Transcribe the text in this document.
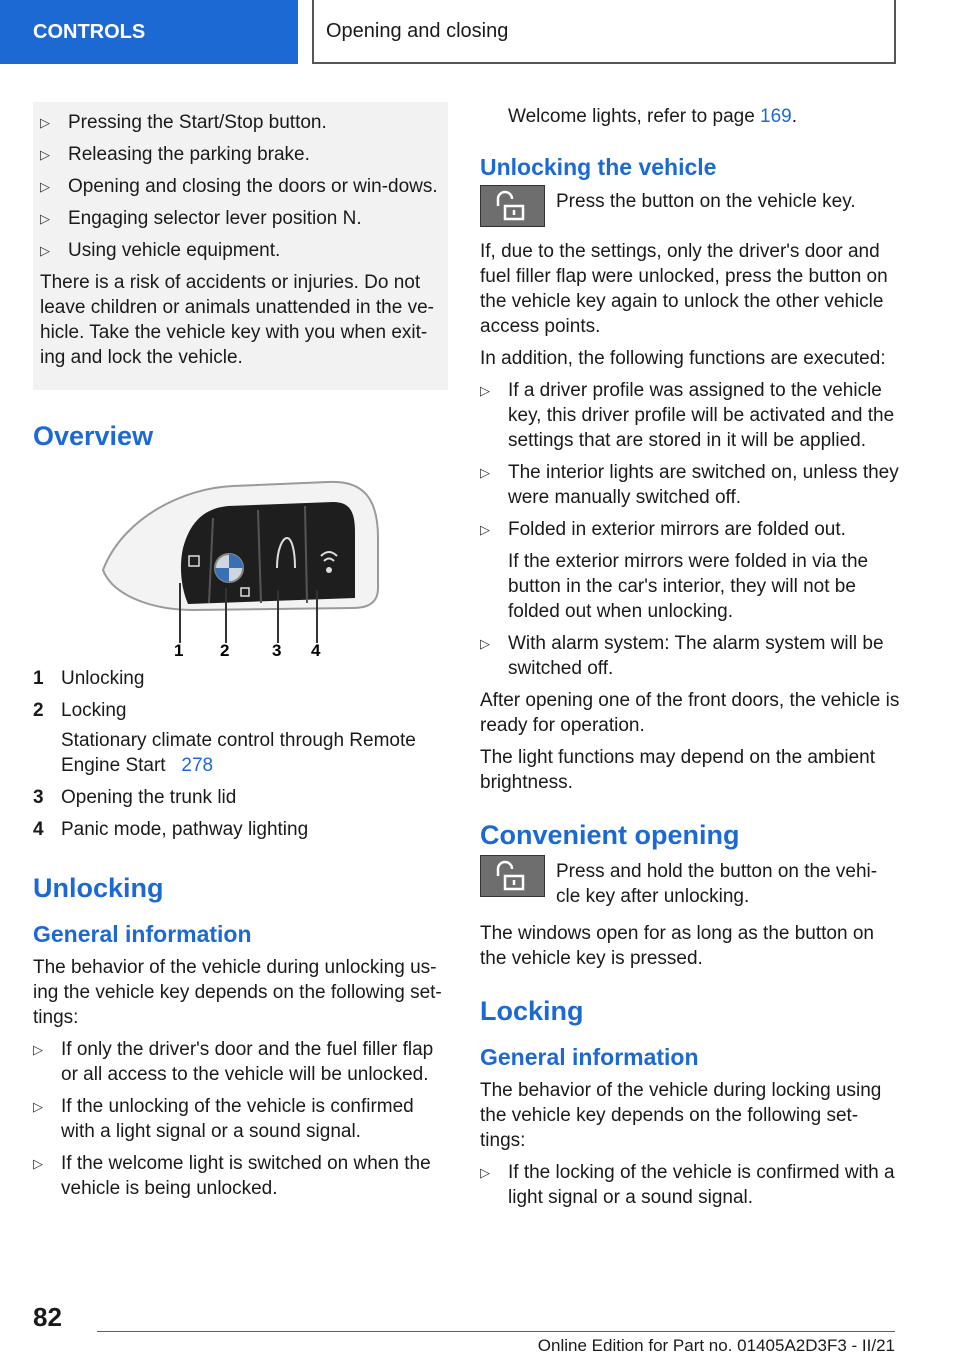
CONTROLS	Opening and closing
▷ Pressing the Start/Stop button.
▷ Releasing the parking brake.
▷ Opening and closing the doors or win-dows.
▷ Engaging selector lever position N.
▷ Using vehicle equipment.
There is a risk of accidents or injuries. Do not leave children or animals unattended in the ve-hicle. Take the vehicle key with you when exit-ing and lock the vehicle.
Overview
1 2	3 4
1 Unlocking
2 Locking
Stationary climate control through Remote Engine Start 278
3 Opening the trunk lid
4 Panic mode, pathway lighting
Unlocking
General information
The behavior of the vehicle during unlocking us-ing the vehicle key depends on the following set-tings:
▷ If only the driver's door and the fuel filler flap or all access to the vehicle will be unlocked.
▷ If the unlocking of the vehicle is confirmed with a light signal or a sound signal.
▷ If the welcome light is switched on when the vehicle is being unlocked.
Welcome lights, refer to page 169.
Unlocking the vehicle
Press the button on the vehicle key.
If, due to the settings, only the driver's door and fuel filler flap were unlocked, press the button on the vehicle key again to unlock the other vehicle access points.
In addition, the following functions are executed:
▷ If a driver profile was assigned to the vehicle key, this driver profile will be activated and the settings that are stored in it will be applied.
▷ The interior lights are switched on, unless they were manually switched off.
▷ Folded in exterior mirrors are folded out.
If the exterior mirrors were folded in via the button in the car's interior, they will not be folded out when unlocking.
▷ With alarm system: The alarm system will be switched off.
After opening one of the front doors, the vehicle is ready for operation.
The light functions may depend on the ambient brightness.
Convenient opening
Press and hold the button on the vehi-cle key after unlocking.
The windows open for as long as the button on the vehicle key is pressed.
Locking
General information
The behavior of the vehicle during locking using the vehicle key depends on the following set-tings:
▷ If the locking of the vehicle is confirmed with a light signal or a sound signal.
82
Online Edition for Part no. 01405A2D3F3 - II/21
